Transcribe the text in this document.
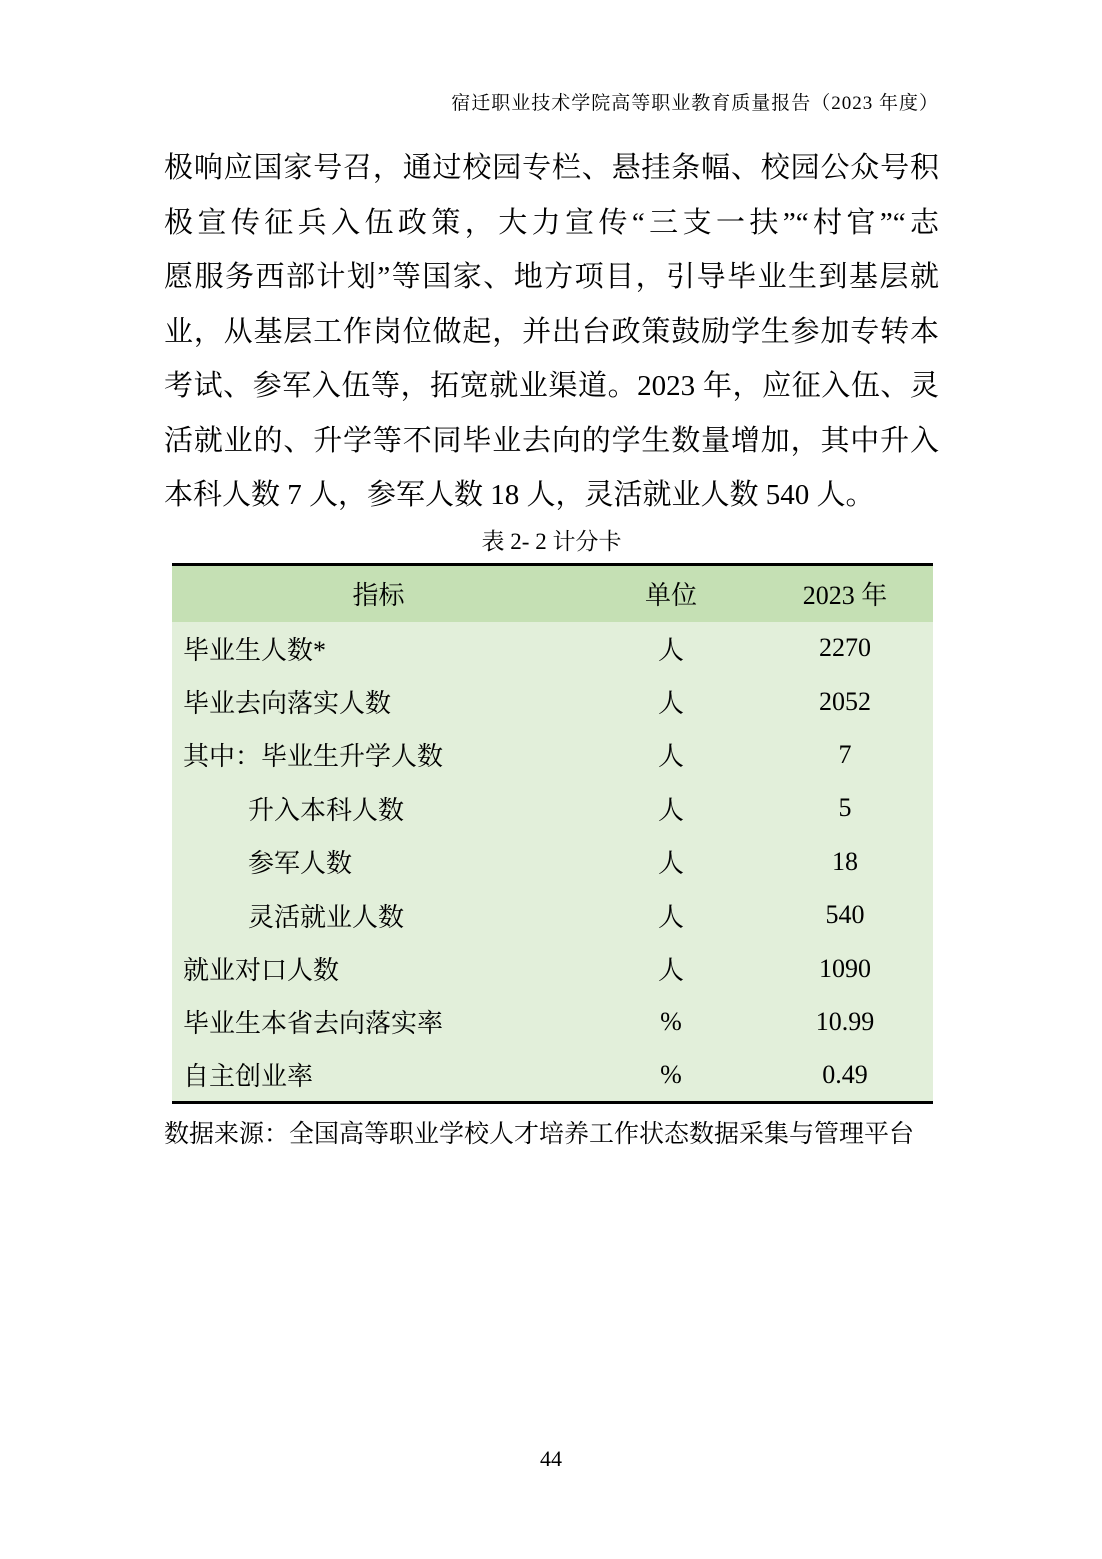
宿迁职业技术学院高等职业教育质量报告（2023 年度）
极响应国家号召，通过校园专栏、悬挂条幅、校园公众号积
极宣传征兵入伍政策，大力宣传“三支一扶”“村官”“志
愿服务西部计划”等国家、地方项目，引导毕业生到基层就
业，从基层工作岗位做起，并出台政策鼓励学生参加专转本
考试、参军入伍等，拓宽就业渠道。2023 年，应征入伍、灵
活就业的、升学等不同毕业去向的学生数量增加，其中升入
本科人数 7 人，参军人数 18 人，灵活就业人数 540 人。
表 2- 2 计分卡
指标	单位	2023 年
毕业生人数*	人	2270
毕业去向落实人数	人	2052
其中：毕业生升学人数	人	7
升入本科人数	人	5
参军人数	人	18
灵活就业人数	人	540
就业对口人数	人	1090
毕业生本省去向落实率	%	10.99
自主创业率	%	0.49
数据来源：全国高等职业学校人才培养工作状态数据采集与管理平台
44
